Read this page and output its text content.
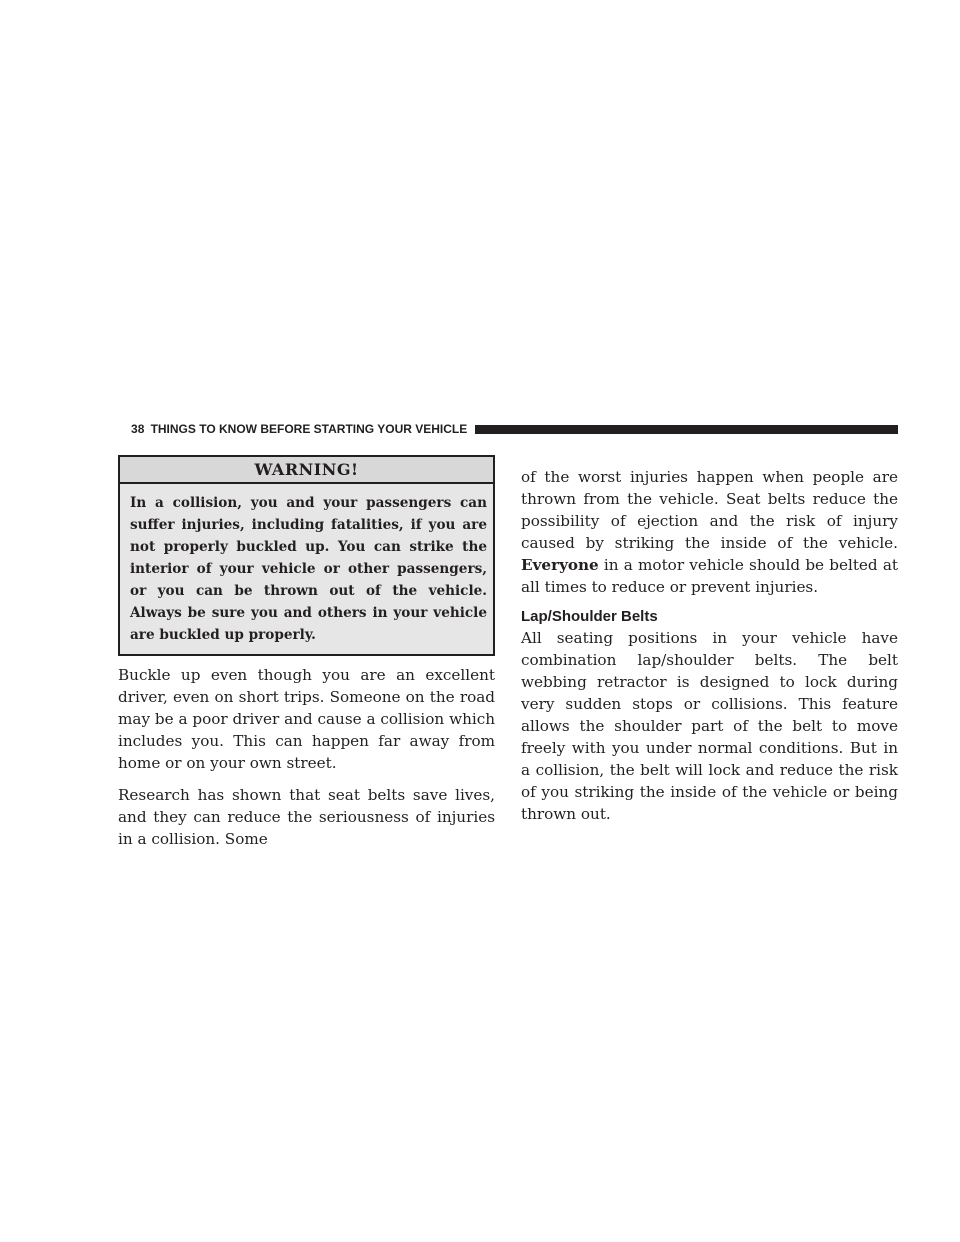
38 THINGS TO KNOW BEFORE STARTING YOUR VEHICLE
WARNING!

In a collision, you and your passengers can suffer injuries, including fatalities, if you are not properly buckled up. You can strike the interior of your vehicle or other passengers, or you can be thrown out of the vehicle. Always be sure you and others in your vehicle are buckled up properly.

Buckle up even though you are an excellent driver, even on short trips. Someone on the road may be a poor driver and cause a collision which includes you. This can happen far away from home or on your own street.

Research has shown that seat belts save lives, and they can reduce the seriousness of injuries in a collision. Some

of the worst injuries happen when people are thrown from the vehicle. Seat belts reduce the possibility of ejection and the risk of injury caused by striking the inside of the vehicle. Everyone in a motor vehicle should be belted at all times to reduce or prevent injuries.

Lap/Shoulder Belts

All seating positions in your vehicle have combination lap/shoulder belts. The belt webbing retractor is designed to lock during very sudden stops or collisions. This feature allows the shoulder part of the belt to move freely with you under normal conditions. But in a collision, the belt will lock and reduce the risk of you striking the inside of the vehicle or being thrown out.
